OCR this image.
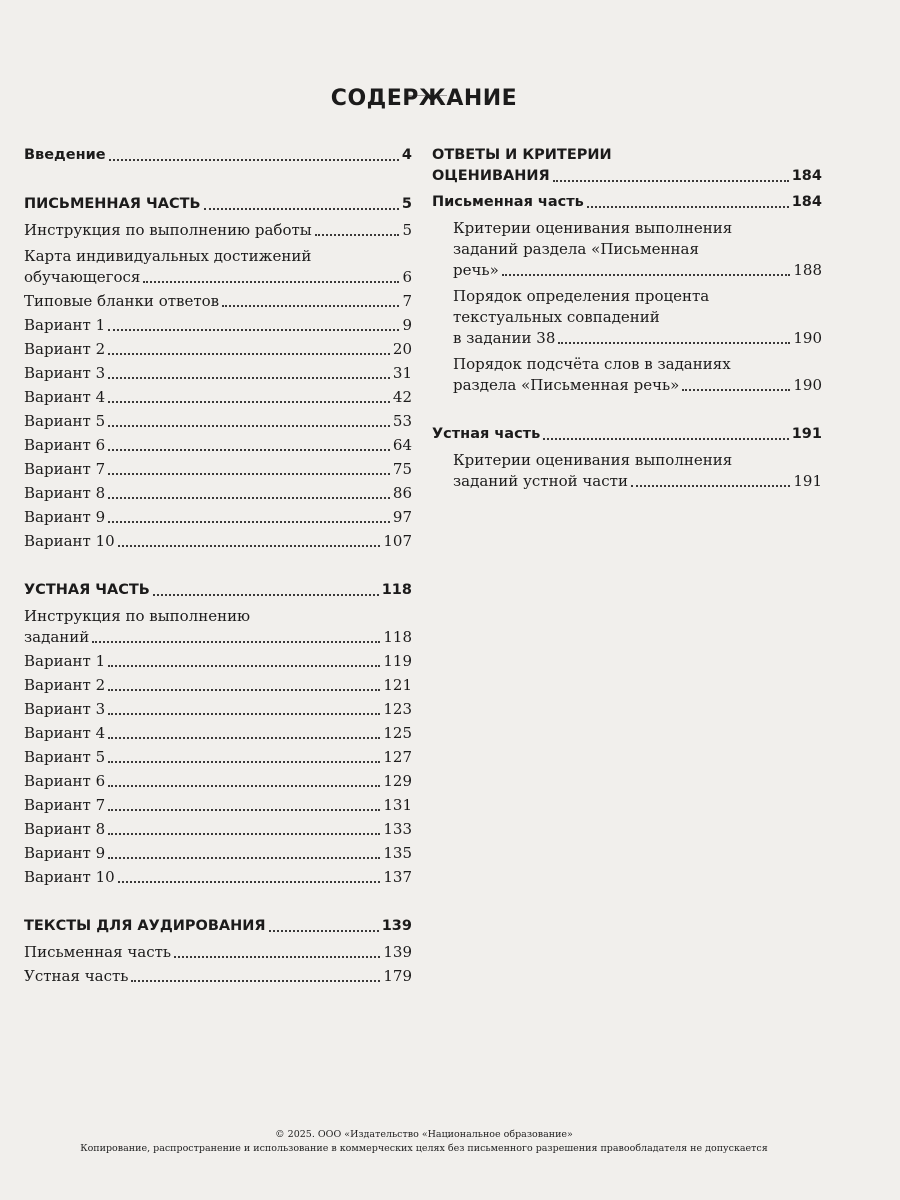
СОДЕРЖАНИЕ
Введение	4
ПИСЬМЕННАЯ ЧАСТЬ	5
Инструкция по выполнению работы	5
Карта индивидуальных достижений
обучающегося	6
Типовые бланки ответов	7
Вариант 1	9
Вариант 2	20
Вариант 3	31
Вариант 4	42
Вариант 5	53
Вариант 6	64
Вариант 7	75
Вариант 8	86
Вариант 9	97
Вариант 10	107
УСТНАЯ ЧАСТЬ	118
Инструкция по выполнению
заданий	118
Вариант 1	119
Вариант 2	121
Вариант 3	123
Вариант 4	125
Вариант 5	127
Вариант 6	129
Вариант 7	131
Вариант 8	133
Вариант 9	135
Вариант 10	137
ТЕКСТЫ ДЛЯ АУДИРОВАНИЯ	139
Письменная часть	139
Устная часть	179
ОТВЕТЫ И КРИТЕРИИ
ОЦЕНИВАНИЯ	184
Письменная часть	184
Критерии оценивания выполнения
заданий раздела «Письменная
речь»	188
Порядок определения процента
текстуальных совпадений
в задании 38	190
Порядок подсчёта слов в заданиях
раздела «Письменная речь»	190
Устная часть	191
Критерии оценивания выполнения
заданий устной части	191
© 2025. ООО «Издательство «Национальное образование»
Копирование, распространение и использование в коммерческих целях без письменного разрешения правообладателя не допускается
